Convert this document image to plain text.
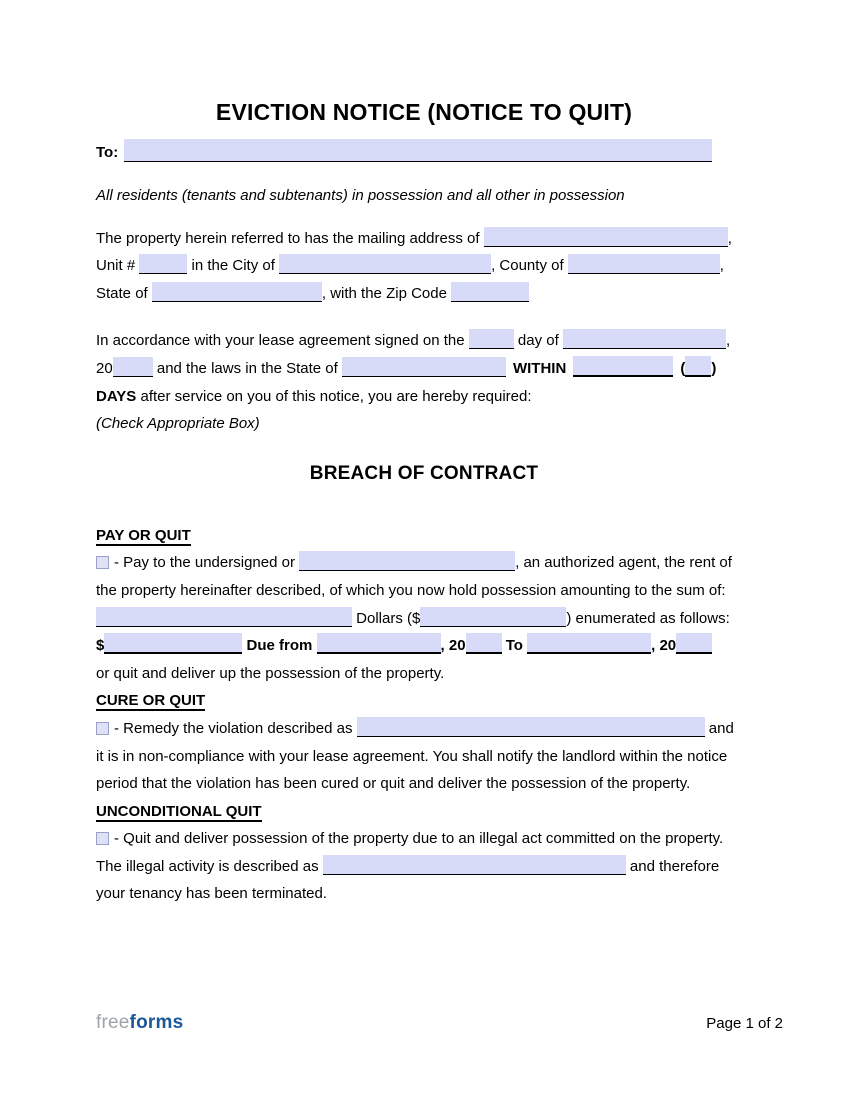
EVICTION NOTICE (NOTICE TO QUIT)
To:
All residents (tenants and subtenants) in possession and all other in possession
The property herein referred to has the mailing address of	,
Unit #	in the City of	, County of	,
State of	, with the Zip Code
In accordance with your lease agreement signed on the	day of	,
20	and the laws in the State of	WITHIN	( )
DAYS after service on you of this notice, you are hereby required:
(Check Appropriate Box)
BREACH OF CONTRACT
PAY OR QUIT
- Pay to the undersigned or	, an authorized agent, the rent of
the property hereinafter described, of which you now hold possession amounting to the sum of:
Dollars ($	) enumerated as follows:
$	Due from	, 20 To	, 20
or quit and deliver up the possession of the property.
CURE OR QUIT
- Remedy the violation described as	and
it is in non-compliance with your lease agreement. You shall notify the landlord within the notice
period that the violation has been cured or quit and deliver the possession of the property.
UNCONDITIONAL QUIT
- Quit and deliver possession of the property due to an illegal act committed on the property.
The illegal activity is described as	and therefore
your tenancy has been terminated.
freeforms	Page 1 of 2
